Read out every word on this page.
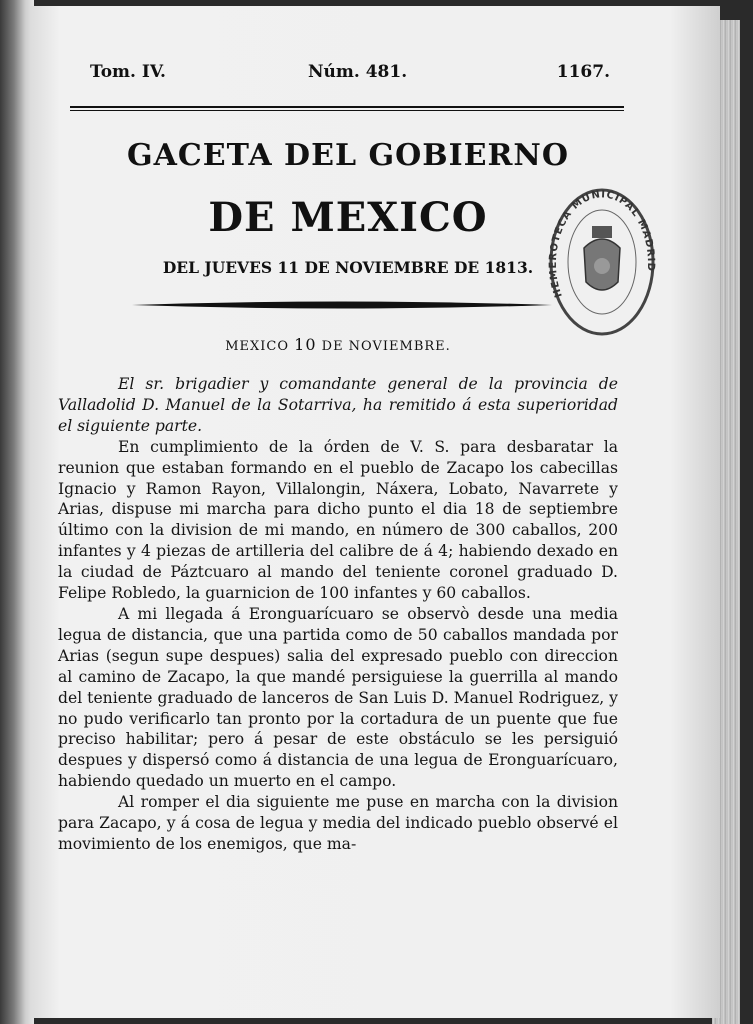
Tom. IV.	Núm. 481.	1167.
GACETA DEL GOBIERNO
DE MEXICO
DEL JUEVES 11 DE NOVIEMBRE DE 1813.
MEXICO 10 DE NOVIEMBRE.

El sr. brigadier y comandante general de la provincia de Valladolid D. Manuel de la Sotarriva, ha remitido á esta superioridad el siguiente parte.

En cumplimiento de la órden de V. S. para desbaratar la reunion que estaban formando en el pueblo de Zacapo los cabecillas Ignacio y Ramon Rayon, Villalongin, Náxera, Lobato, Navarrete y Arias, dispuse mi marcha para dicho punto el dia 18 de septiembre último con la division de mi mando, en número de 300 caballos, 200 infantes y 4 piezas de artilleria del calibre de á 4; habiendo dexado en la ciudad de Páztcuaro al mando del teniente coronel graduado D. Felipe Robledo, la guarnicion de 100 infantes y 60 caballos.

A mi llegada á Eronguarícuaro se observò desde una media legua de distancia, que una partida como de 50 caballos mandada por Arias (segun supe despues) salia del expresado pueblo con direccion al camino de Zacapo, la que mandé persiguiese la guerrilla al mando del teniente graduado de lanceros de San Luis D. Manuel Rodriguez, y no pudo verificarlo tan pronto por la cortadura de un puente que fue preciso habilitar; pero á pesar de este obstáculo se les persiguió despues y dispersó como á distancia de una legua de Eronguarícuaro, habiendo quedado un muerto en el campo.

Al romper el dia siguiente me puse en marcha con la division para Zacapo, y á cosa de legua y media del indicado pueblo observé el movimiento de los enemigos, que ma-

HEMEROTECA MUNICIPAL MADRID
